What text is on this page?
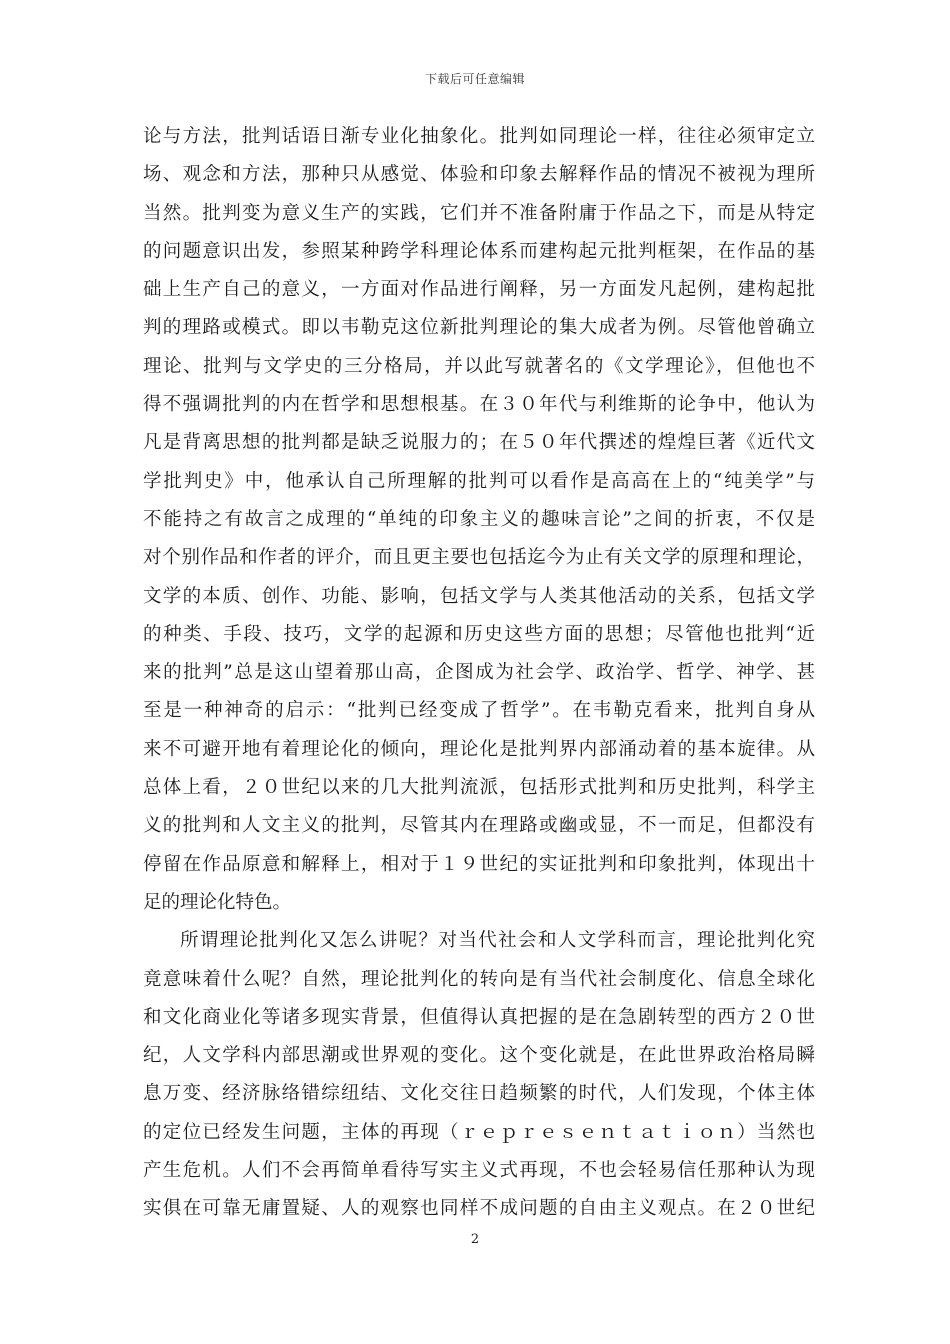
下载后可任意编辑
论与方法，批判话语日渐专业化抽象化。批判如同理论一样，往往必须审定立
场、观念和方法，那种只从感觉、体验和印象去解释作品的情况不被视为理所
当然。批判变为意义生产的实践，它们并不准备附庸于作品之下，而是从特定
的问题意识出发，参照某种跨学科理论体系而建构起元批判框架，在作品的基
础上生产自己的意义，一方面对作品进行阐释，另一方面发凡起例，建构起批
判的理路或模式。即以韦勒克这位新批判理论的集大成者为例。尽管他曾确立
理论、批判与文学史的三分格局，并以此写就著名的《文学理论》，但他也不
得不强调批判的内在哲学和思想根基。在３０年代与利维斯的论争中，他认为
凡是背离思想的批判都是缺乏说服力的；在５０年代撰述的煌煌巨著《近代文
学批判史》中，他承认自己所理解的批判可以看作是高高在上的“纯美学”与
不能持之有故言之成理的“单纯的印象主义的趣味言论”之间的折衷，不仅是
对个别作品和作者的评介，而且更主要也包括迄今为止有关文学的原理和理论，
文学的本质、创作、功能、影响，包括文学与人类其他活动的关系，包括文学
的种类、手段、技巧，文学的起源和历史这些方面的思想；尽管他也批判“近
来的批判”总是这山望着那山高，企图成为社会学、政治学、哲学、神学、甚
至是一种神奇的启示：“批判已经变成了哲学”。在韦勒克看来，批判自身从
来不可避开地有着理论化的倾向，理论化是批判界内部涌动着的基本旋律。从
总体上看，２０世纪以来的几大批判流派，包括形式批判和历史批判，科学主
义的批判和人文主义的批判，尽管其内在理路或幽或显，不一而足，但都没有
停留在作品原意和解释上，相对于１９世纪的实证批判和印象批判，体现出十
足的理论化特色。
所谓理论批判化又怎么讲呢？对当代社会和人文学科而言，理论批判化究
竟意味着什么呢？自然，理论批判化的转向是有当代社会制度化、信息全球化
和文化商业化等诸多现实背景，但值得认真把握的是在急剧转型的西方２０世
纪，人文学科内部思潮或世界观的变化。这个变化就是，在此世界政治格局瞬
息万变、经济脉络错综纽结、文化交往日趋频繁的时代，人们发现，个体主体
的定位已经发生问题，主体的再现（ｒｅｐｒｅｓｅｎｔａｔｉｏｎ）当然也
产生危机。人们不会再简单看待写实主义式再现，不也会轻易信任那种认为现
实俱在可靠无庸置疑、人的观察也同样不成问题的自由主义观点。在２０世纪
2
